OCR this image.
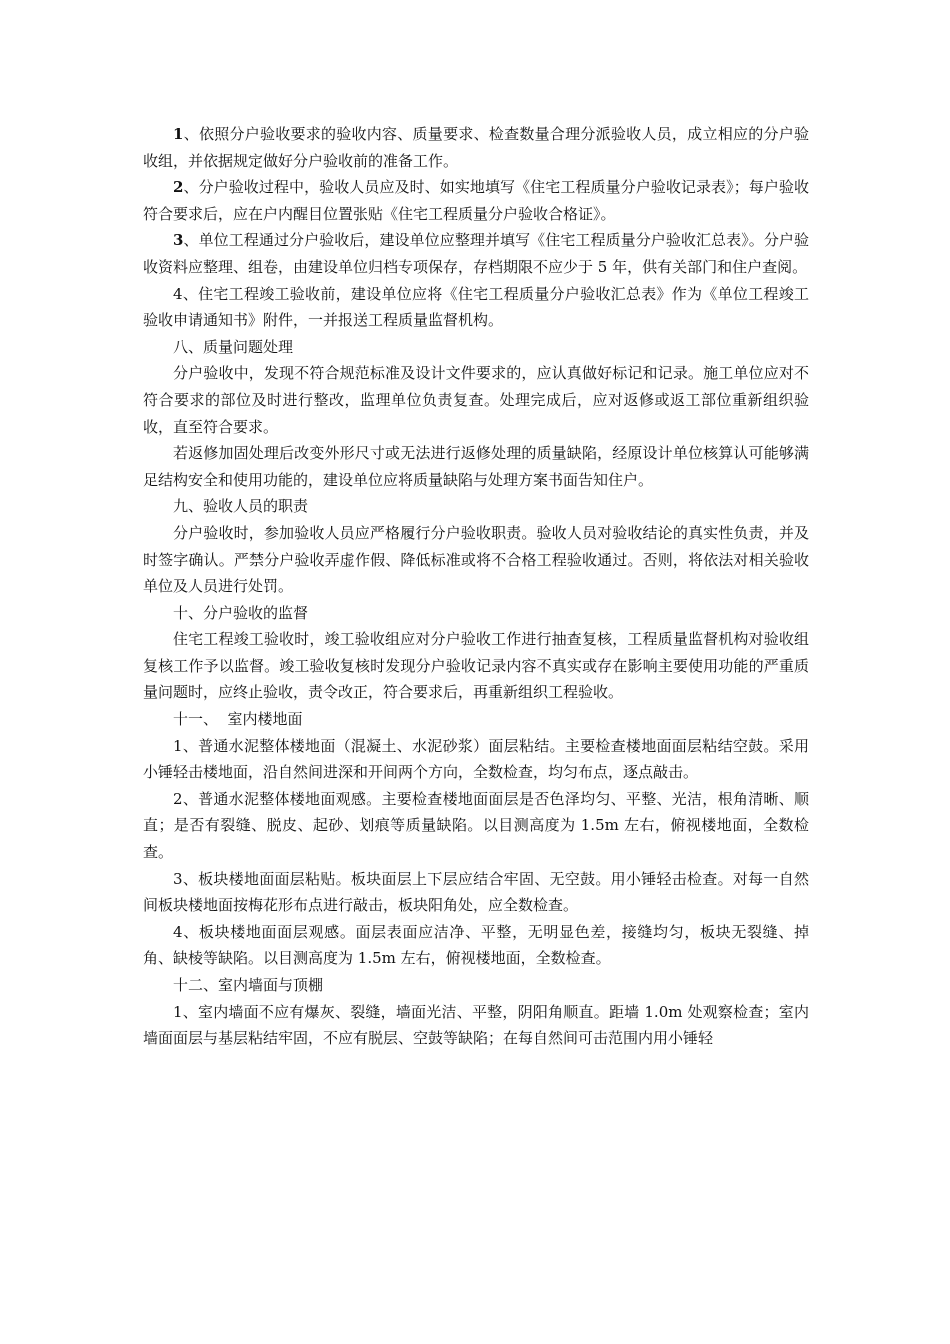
1、依照分户验收要求的验收内容、质量要求、检查数量合理分派验收人员，成立相应的分户验收组，并依据规定做好分户验收前的准备工作。

2、分户验收过程中，验收人员应及时、如实地填写《住宅工程质量分户验收记录表》；每户验收符合要求后，应在户内醒目位置张贴《住宅工程质量分户验收合格证》。

3、单位工程通过分户验收后，建设单位应整理并填写《住宅工程质量分户验收汇总表》。分户验收资料应整理、组卷，由建设单位归档专项保存，存档期限不应少于 5 年，供有关部门和住户查阅。

4、住宅工程竣工验收前，建设单位应将《住宅工程质量分户验收汇总表》作为《单位工程竣工验收申请通知书》附件，一并报送工程质量监督机构。

八、质量问题处理

分户验收中，发现不符合规范标准及设计文件要求的，应认真做好标记和记录。施工单位应对不符合要求的部位及时进行整改，监理单位负责复查。处理完成后，应对返修或返工部位重新组织验收，直至符合要求。

若返修加固处理后改变外形尺寸或无法进行返修处理的质量缺陷，经原设计单位核算认可能够满足结构安全和使用功能的，建设单位应将质量缺陷与处理方案书面告知住户。

九、验收人员的职责

分户验收时，参加验收人员应严格履行分户验收职责。验收人员对验收结论的真实性负责，并及时签字确认。严禁分户验收弄虚作假、降低标准或将不合格工程验收通过。否则，将依法对相关验收单位及人员进行处罚。

十、分户验收的监督

住宅工程竣工验收时，竣工验收组应对分户验收工作进行抽查复核，工程质量监督机构对验收组复核工作予以监督。竣工验收复核时发现分户验收记录内容不真实或存在影响主要使用功能的严重质量问题时，应终止验收，责令改正，符合要求后，再重新组织工程验收。

十一、  室内楼地面

1、普通水泥整体楼地面（混凝土、水泥砂浆）面层粘结。主要检查楼地面面层粘结空鼓。采用小锤轻击楼地面，沿自然间进深和开间两个方向，全数检查，均匀布点，逐点敲击。

2、普通水泥整体楼地面观感。主要检查楼地面面层是否色泽均匀、平整、光洁，根角清晰、顺直；是否有裂缝、脱皮、起砂、划痕等质量缺陷。以目测高度为 1.5m 左右，俯视楼地面，全数检查。

3、板块楼地面面层粘贴。板块面层上下层应结合牢固、无空鼓。用小锤轻击检查。对每一自然间板块楼地面按梅花形布点进行敲击，板块阳角处，应全数检查。

4、板块楼地面面层观感。面层表面应洁净、平整，无明显色差，接缝均匀，板块无裂缝、掉角、缺棱等缺陷。以目测高度为 1.5m 左右，俯视楼地面，全数检查。

十二、室内墙面与顶棚

1、室内墙面不应有爆灰、裂缝，墙面光洁、平整，阴阳角顺直。距墙 1.0m 处观察检查；室内墙面面层与基层粘结牢固，不应有脱层、空鼓等缺陷；在每自然间可击范围内用小锤轻
